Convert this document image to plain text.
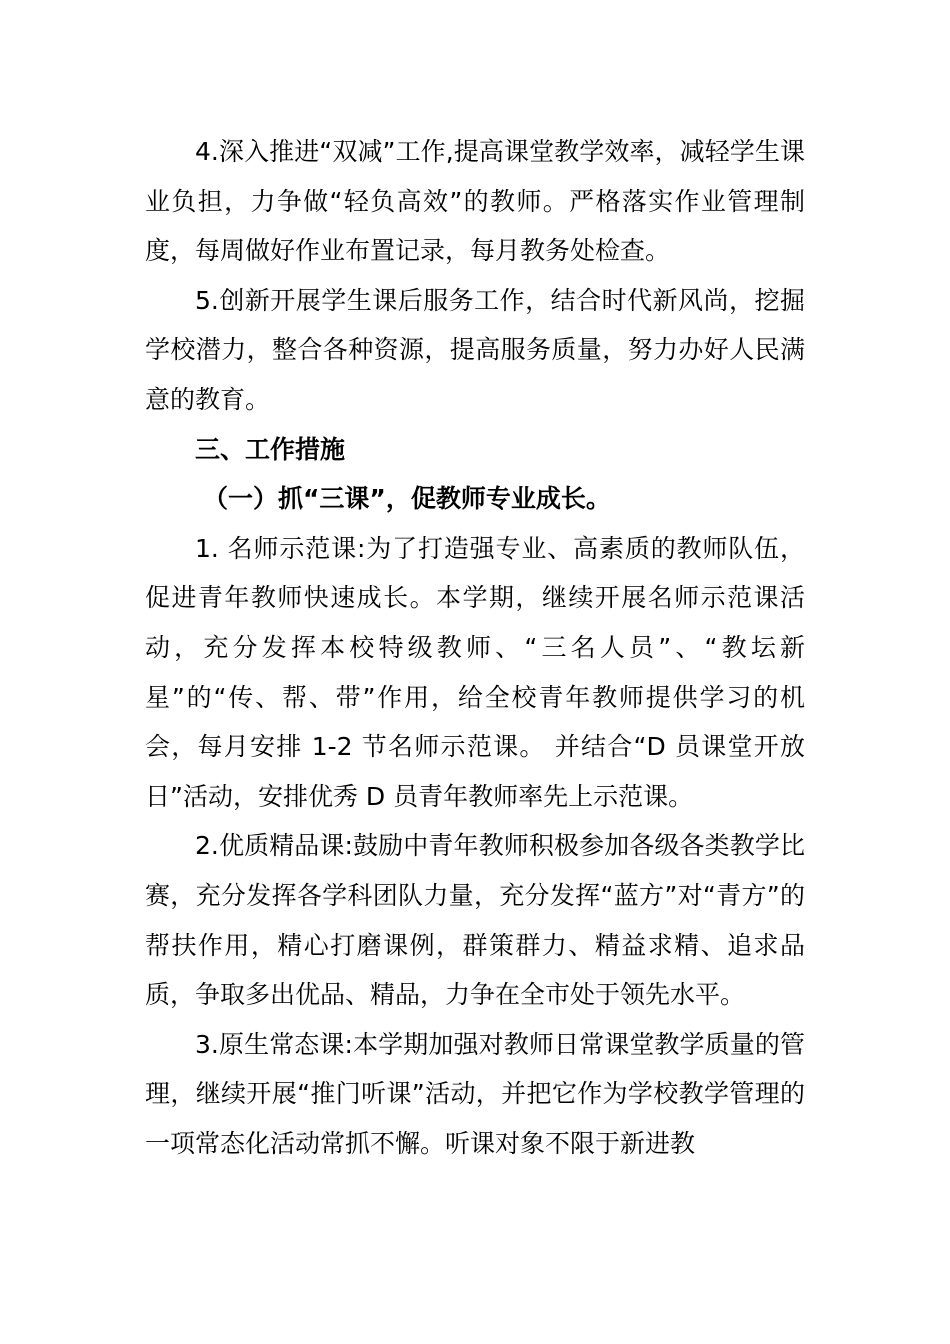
4.深入推进“双减”工作,提高课堂教学效率，减轻学生课业负担，力争做“轻负高效”的教师。严格落实作业管理制度，每周做好作业布置记录，每月教务处检查。

5.创新开展学生课后服务工作，结合时代新风尚，挖掘学校潜力，整合各种资源，提高服务质量，努力办好人民满意的教育。

三、工作措施

（一）抓“三课”，促教师专业成长。

1. 名师示范课:为了打造强专业、高素质的教师队伍，促进青年教师快速成长。本学期，继续开展名师示范课活动，充分发挥本校特级教师、“三名人员”、“教坛新星”的“传、帮、带”作用，给全校青年教师提供学习的机会，每月安排 1-2 节名师示范课。 并结合“D 员课堂开放日”活动，安排优秀 D 员青年教师率先上示范课。

2.优质精品课:鼓励中青年教师积极参加各级各类教学比赛，充分发挥各学科团队力量，充分发挥“蓝方”对“青方”的帮扶作用，精心打磨课例，群策群力、精益求精、追求品质，争取多出优品、精品，力争在全市处于领先水平。

3.原生常态课:本学期加强对教师日常课堂教学质量的管理，继续开展“推门听课”活动，并把它作为学校教学管理的一项常态化活动常抓不懈。听课对象不限于新进教
